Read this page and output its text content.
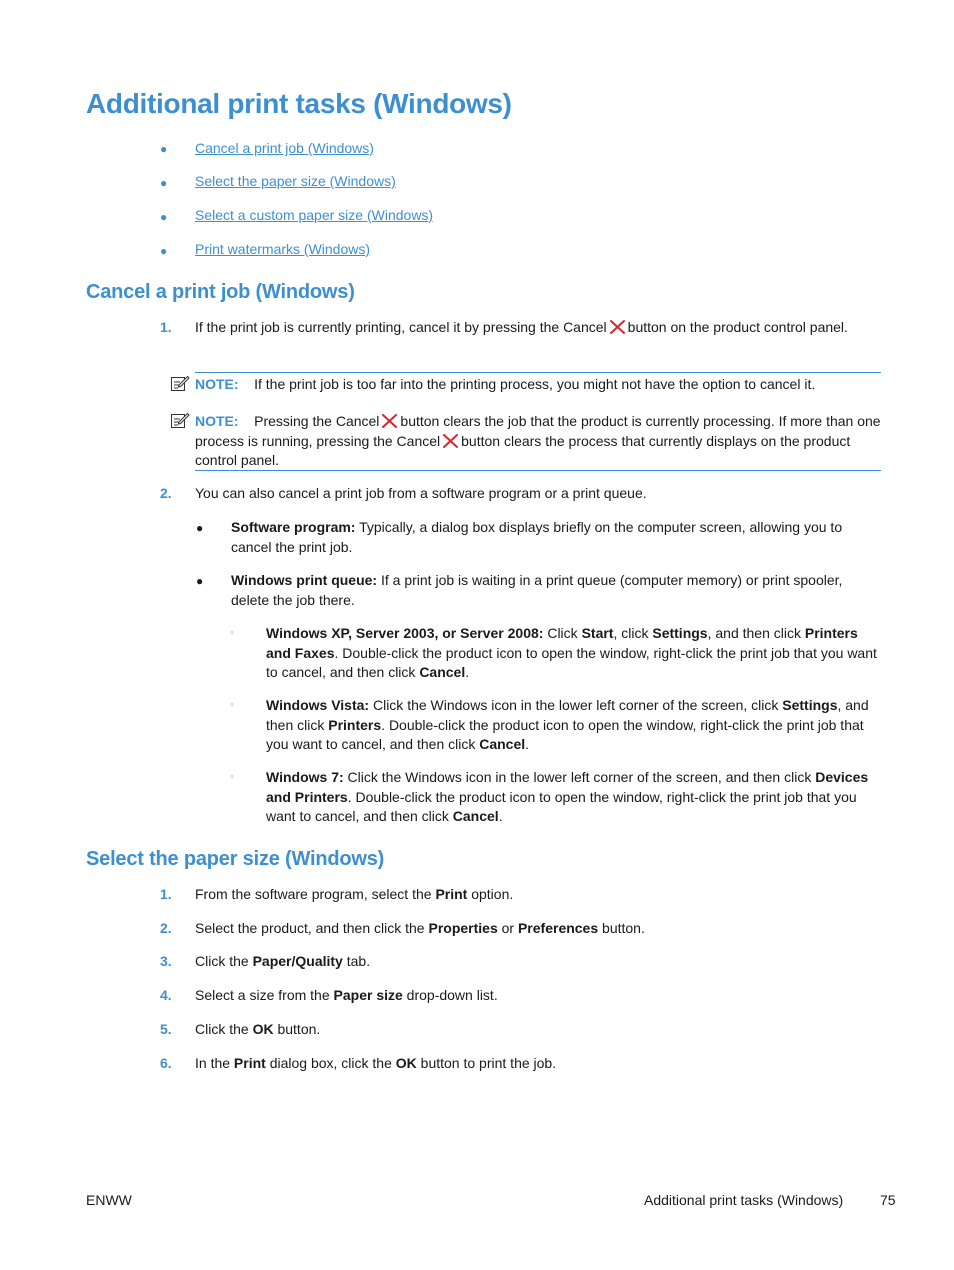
Additional print tasks (Windows)
● Cancel a print job (Windows)
● Select the paper size (Windows)
● Select a custom paper size (Windows)
● Print watermarks (Windows)
Cancel a print job (Windows)
1. If the print job is currently printing, cancel it by pressing the Cancel button on the product control panel.

NOTE: If the print job is too far into the printing process, you might not have the option to cancel it.

NOTE: Pressing the Cancel button clears the job that the product is currently processing. If more than one process is running, pressing the Cancel button clears the process that currently displays on the product control panel.

2. You can also cancel a print job from a software program or a print queue.

● Software program: Typically, a dialog box displays briefly on the computer screen, allowing you to cancel the print job.

● Windows print queue: If a print job is waiting in a print queue (computer memory) or print spooler, delete the job there.

◦ Windows XP, Server 2003, or Server 2008: Click Start, click Settings, and then click Printers and Faxes. Double-click the product icon to open the window, right-click the print job that you want to cancel, and then click Cancel.

◦ Windows Vista: Click the Windows icon in the lower left corner of the screen, click Settings, and then click Printers. Double-click the product icon to open the window, right-click the print job that you want to cancel, and then click Cancel.

◦ Windows 7: Click the Windows icon in the lower left corner of the screen, and then click Devices and Printers. Double-click the product icon to open the window, right-click the print job that you want to cancel, and then click Cancel.

Select the paper size (Windows)
1. From the software program, select the Print option.

2. Select the product, and then click the Properties or Preferences button.

3. Click the Paper/Quality tab.

4. Select a size from the Paper size drop-down list.

5. Click the OK button.

6. In the Print dialog box, click the OK button to print the job.

ENWW	Additional print tasks (Windows)	75
